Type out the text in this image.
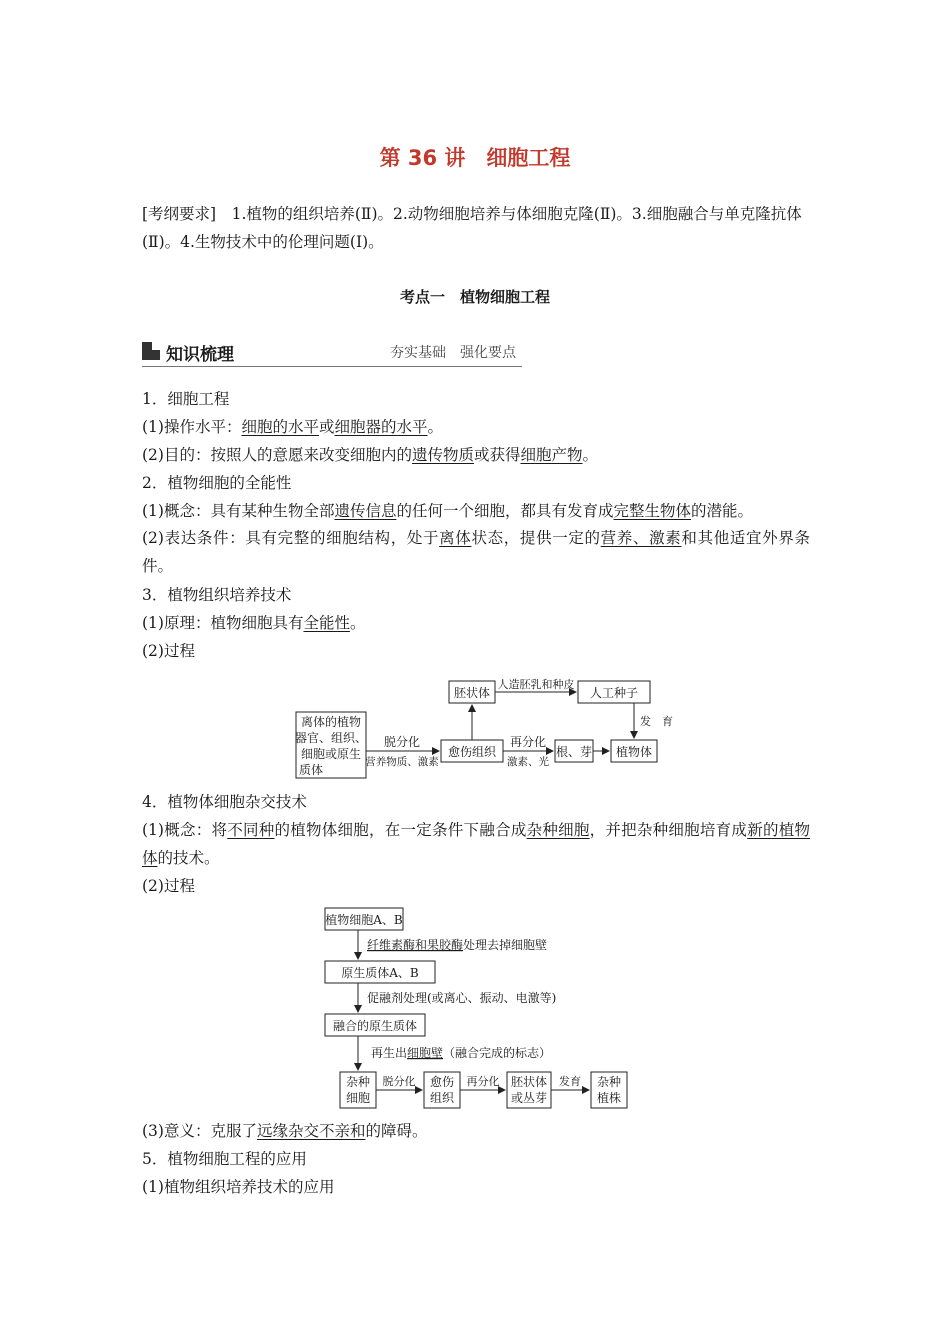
第 36 讲　细胞工程

[考纲要求]　1.植物的组织培养(Ⅱ)。2.动物细胞培养与体细胞克隆(Ⅱ)。3.细胞融合与单克隆抗体(Ⅱ)。4.生物技术中的伦理问题(Ⅰ)。

考点一　植物细胞工程
知识梳理	夯实基础　强化要点

1．细胞工程

(1)操作水平：细胞的水平或细胞器的水平。

(2)目的：按照人的意愿来改变细胞内的遗传物质或获得细胞产物。

2．植物细胞的全能性

(1)概念：具有某种生物全部遗传信息的任何一个细胞，都具有发育成完整生物体的潜能。

(2)表达条件：具有完整的细胞结构，处于离体状态，提供一定的营养、激素和其他适宜外界条件。

3．植物组织培养技术

(1)原理：植物细胞具有全能性。

(2)过程

离体的植物
器官、组织、
细胞或原生
质体
脱分化
营养物质、激素
愈伤组织
再分化
激素、光
根、芽 植物体
胚状体
人造胚乳和种皮
人工种子
发　育
植物细胞A、B
纤维素酶和果胶酶处理去掉细胞壁
原生质体A、B
促融剂处理(或离心、振动、电激等)
融合的原生质体
再生出细胞壁（融合完成的标志）
杂种
细胞
脱分化 愈伤
组织
再分化 胚状体
或丛芽
发育 杂种
植株

4．植物体细胞杂交技术

(1)概念：将不同种的植物体细胞，在一定条件下融合成杂种细胞，并把杂种细胞培育成新的植物体的技术。

(2)过程

(3)意义：克服了远缘杂交不亲和的障碍。

5．植物细胞工程的应用

(1)植物组织培养技术的应用
